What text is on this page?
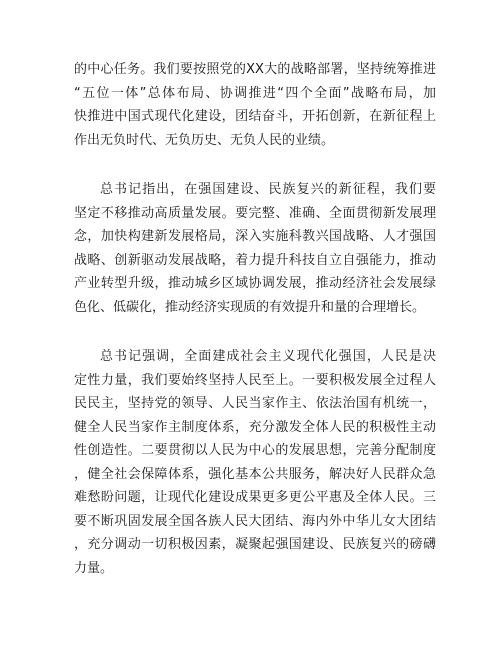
的中心任务。我们要按照党的XX大的战略部署，坚持统筹推进
“五位一体”总体布局、协调推进“四个全面”战略布局，加
快推进中国式现代化建设，团结奋斗，开拓创新，在新征程上
作出无负时代、无负历史、无负人民的业绩。
总书记指出，在强国建设、民族复兴的新征程，我们要
坚定不移推动高质量发展。要完整、准确、全面贯彻新发展理
念，加快构建新发展格局，深入实施科教兴国战略、人才强国
战略、创新驱动发展战略，着力提升科技自立自强能力，推动
产业转型升级，推动城乡区域协调发展，推动经济社会发展绿
色化、低碳化，推动经济实现质的有效提升和量的合理增长。
总书记强调，全面建成社会主义现代化强国，人民是决
定性力量，我们要始终坚持人民至上。一要积极发展全过程人
民民主，坚持党的领导、人民当家作主、依法治国有机统一，
健全人民当家作主制度体系，充分激发全体人民的积极性主动
性创造性。二要贯彻以人民为中心的发展思想，完善分配制度
，健全社会保障体系，强化基本公共服务，解决好人民群众急
难愁盼问题，让现代化建设成果更多更公平惠及全体人民。三
要不断巩固发展全国各族人民大团结、海内外中华儿女大团结
，充分调动一切积极因素，凝聚起强国建设、民族复兴的磅礴
力量。
